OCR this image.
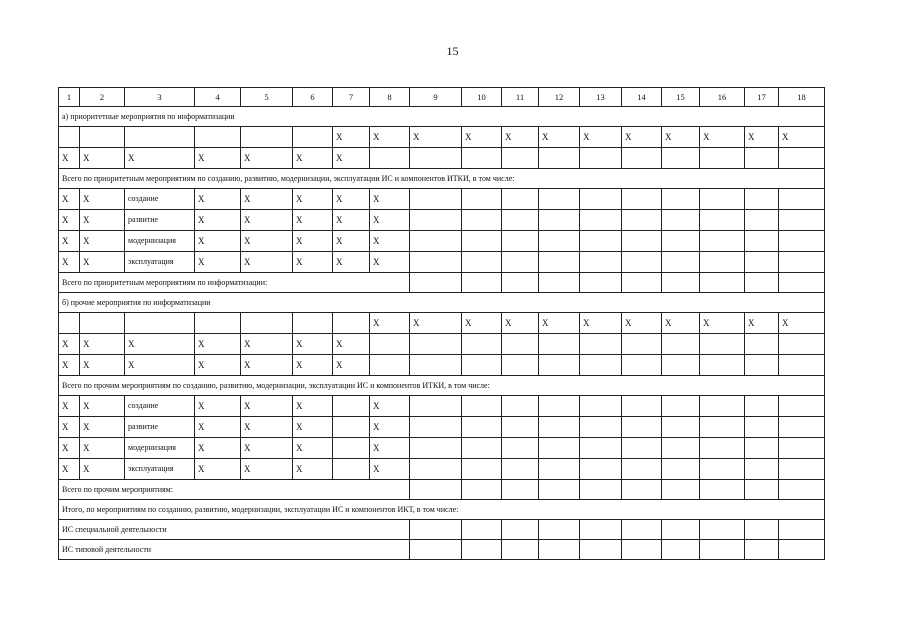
15
1	2	3	4	5	6	7	8	9	10	11	12	13	14	15	16	17	18
а) приоритетные мероприятия по информатизации																	
						X	X	X	X	X	X	X	X	X	X	X	X
X	X	X	X	X	X	X											
Всего по приоритетным мероприятиям по созданию, развитию, модернизации, эксплуатации ИС и компонентов ИТКИ, в том числе:																	
X	X	создание	X	X	X	X	X										
X	X	развитие	X	X	X	X	X										
X	X	модернизация	X	X	X	X	X										
X	X	эксплуатация	X	X	X	X	X										
Всего по приоритетным мероприятиям по информатизации:																	
б) прочие мероприятия по информатизации																	
							X	X	X	X	X	X	X	X	X	X	X
X	X	X	X	X	X	X											
X	X	X	X	X	X	X											
Всего по прочим мероприятиям по созданию, развитию, модернизации, эксплуатации ИС и компонентов ИТКИ, в том числе:																	
X	X	создание	X	X	X		X										
X	X	развитие	X	X	X		X										
X	X	модернизация	X	X	X		X										
X	X	эксплуатация	X	X	X		X										
Всего по прочим мероприятиям:																	
Итого, по мероприятиям по созданию, развитию, модернизации, эксплуатации ИС и компонентов ИКТ, в том числе:																	
ИС специальной деятельности																	
ИС типовой деятельности																	
